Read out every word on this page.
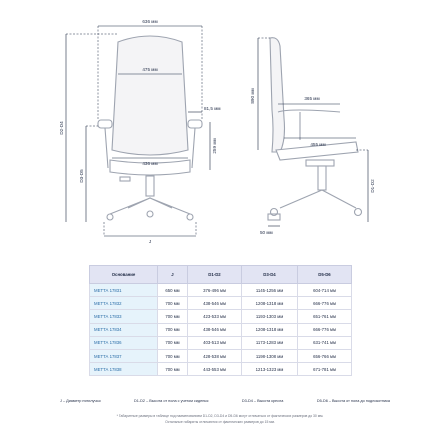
636 мм
475 мм
81,5 мм
259 мм
436 мм
D2-D4
D3-D5
J
890 мм	365 мм
455 мм
D1-D2
50 мм
Основание	J	D1-D2	D3-D4	D5-D6
МЕТТА 17831	650 мм	376-496 мм	1145-1256 мм	604-714 мм
МЕТТА 17832	700 мм	438-546 мм	1208-1318 мм	666-776 мм
МЕТТА 17833	700 мм	423-533 мм	1193-1303 мм	651-761 мм
МЕТТА 17834	700 мм	438-546 мм	1208-1318 мм	666-776 мм
МЕТТА 17836	700 мм	403-513 мм	1173-1283 мм	631-741 мм
МЕТТА 17837	700 мм	428-538 мм	1198-1308 мм	656-766 мм
МЕТТА 17838	700 мм	443-553 мм	1213-1323 мм	671-781 мм
J – Диаметр пятилучья	D1-D2 – Высота от пола с учетом сиденья	D3-D4 – Высота кресла	D5-D6 – Высота от пола до подлокотника
* Габаритные размеры в таблице под наименованием D1-D2, D3-D4 и D5-D6 могут отличаться от фактических размеров до 30 мм.
Остальные габариты отличаются от фактических размеров до 15 мм.
